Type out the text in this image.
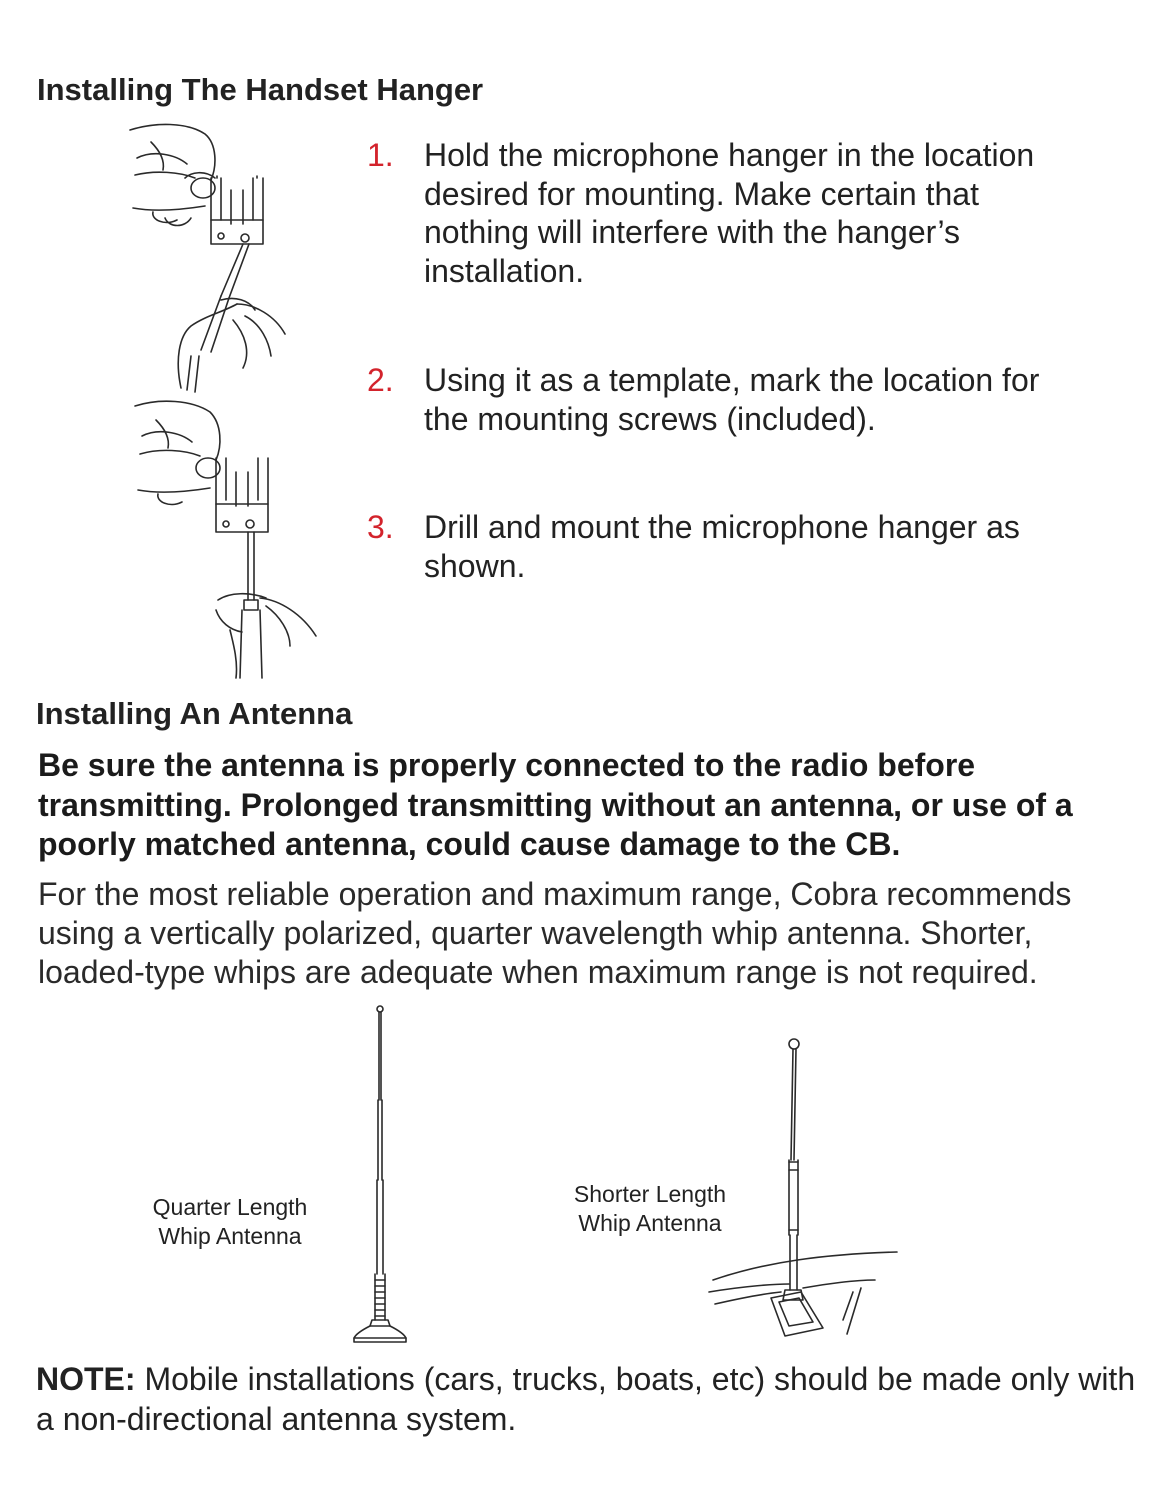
Installing The Handset Hanger
1. Hold the microphone hanger in the location desired for mounting. Make certain that nothing will interfere with the hanger’s installation.
2. Using it as a template, mark the location for the mounting screws (included).
3. Drill and mount the microphone hanger as shown.
Installing An Antenna
Be sure the antenna is properly connected to the radio before transmitting. Prolonged transmitting without an antenna, or use of a poorly matched antenna, could cause damage to the CB.
For the most reliable operation and maximum range, Cobra recommends using a vertically polarized, quarter wavelength whip antenna. Shorter, loaded-type whips are adequate when maximum range is not required.
Quarter Length
Whip Antenna
Shorter Length
Whip Antenna
NOTE: Mobile installations (cars, trucks, boats, etc) should be made only with a non-directional antenna system.
